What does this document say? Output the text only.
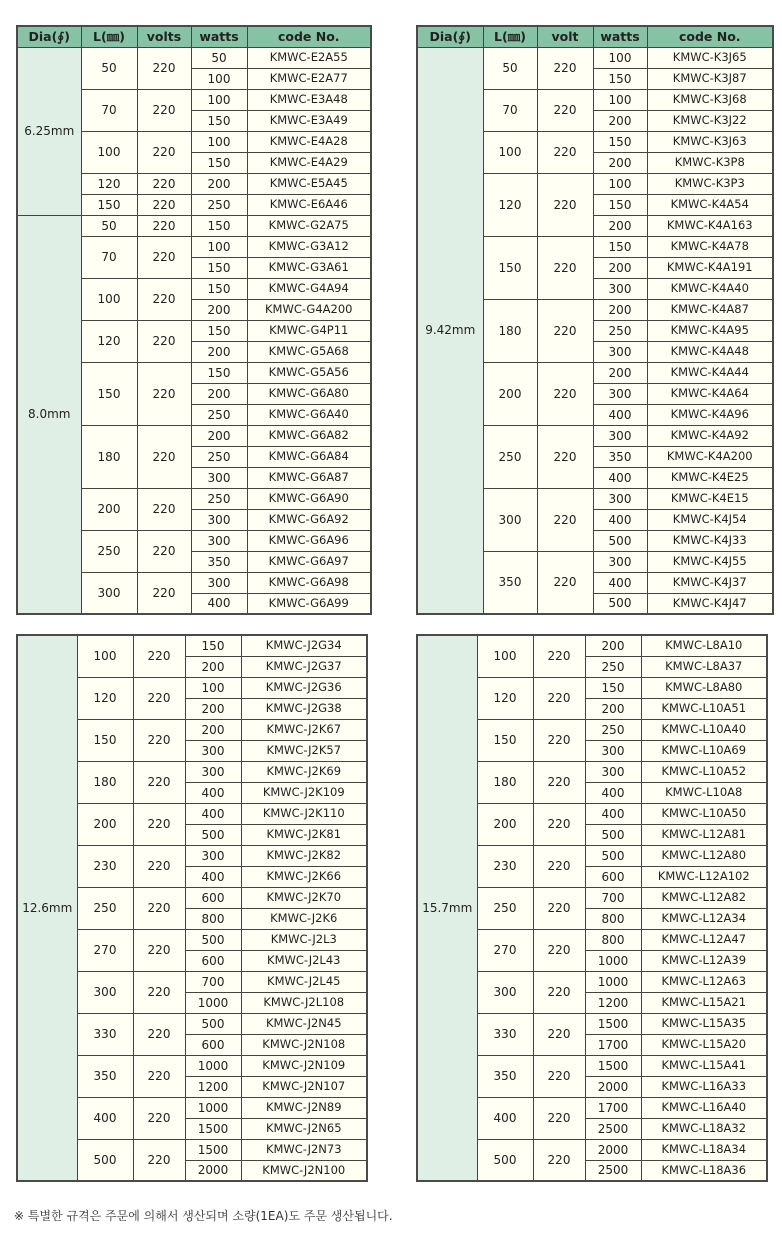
Dia(∮)	L(㎜)	volts	watts	code No.
6.25mm	50	220	50	KMWC-E2A55
			100	KMWC-E2A77
	70	220	100	KMWC-E3A48
			150	KMWC-E3A49
	100	220	100	KMWC-E4A28
			150	KMWC-E4A29
	120	220	200	KMWC-E5A45
	150	220	250	KMWC-E6A46
8.0mm	50	220	150	KMWC-G2A75
	70	220	100	KMWC-G3A12
			150	KMWC-G3A61
	100	220	150	KMWC-G4A94
			200	KMWC-G4A200
	120	220	150	KMWC-G4P11
			200	KMWC-G5A68
	150	220	150	KMWC-G5A56
			200	KMWC-G6A80
			250	KMWC-G6A40
	180	220	200	KMWC-G6A82
			250	KMWC-G6A84
			300	KMWC-G6A87
	200	220	250	KMWC-G6A90
			300	KMWC-G6A92
	250	220	300	KMWC-G6A96
			350	KMWC-G6A97
	300	220	300	KMWC-G6A98
			400	KMWC-G6A99
Dia(∮)	L(㎜)	volt	watts	code No.
9.42mm	50	220	100	KMWC-K3J65
			150	KMWC-K3J87
	70	220	100	KMWC-K3J68
			200	KMWC-K3J22
	100	220	150	KMWC-K3J63
			200	KMWC-K3P8
	120	220	100	KMWC-K3P3
			150	KMWC-K4A54
			200	KMWC-K4A163
	150	220	150	KMWC-K4A78
			200	KMWC-K4A191
			300	KMWC-K4A40
	180	220	200	KMWC-K4A87
			250	KMWC-K4A95
			300	KMWC-K4A48
	200	220	200	KMWC-K4A44
			300	KMWC-K4A64
			400	KMWC-K4A96
	250	220	300	KMWC-K4A92
			350	KMWC-K4A200
			400	KMWC-K4E25
	300	220	300	KMWC-K4E15
			400	KMWC-K4J54
			500	KMWC-K4J33
	350	220	300	KMWC-K4J55
			400	KMWC-K4J37
			500	KMWC-K4J47
12.6mm	100	220	150	KMWC-J2G34
			200	KMWC-J2G37
	120	220	100	KMWC-J2G36
			200	KMWC-J2G38
	150	220	200	KMWC-J2K67
			300	KMWC-J2K57
	180	220	300	KMWC-J2K69
			400	KMWC-J2K109
	200	220	400	KMWC-J2K110
			500	KMWC-J2K81
	230	220	300	KMWC-J2K82
			400	KMWC-J2K66
	250	220	600	KMWC-J2K70
			800	KMWC-J2K6
	270	220	500	KMWC-J2L3
			600	KMWC-J2L43
	300	220	700	KMWC-J2L45
			1000	KMWC-J2L108
	330	220	500	KMWC-J2N45
			600	KMWC-J2N108
	350	220	1000	KMWC-J2N109
			1200	KMWC-J2N107
	400	220	1000	KMWC-J2N89
			1500	KMWC-J2N65
	500	220	1500	KMWC-J2N73
			2000	KMWC-J2N100
15.7mm	100	220	200	KMWC-L8A10
			250	KMWC-L8A37
	120	220	150	KMWC-L8A80
			200	KMWC-L10A51
	150	220	250	KMWC-L10A40
			300	KMWC-L10A69
	180	220	300	KMWC-L10A52
			400	KMWC-L10A8
	200	220	400	KMWC-L10A50
			500	KMWC-L12A81
	230	220	500	KMWC-L12A80
			600	KMWC-L12A102
	250	220	700	KMWC-L12A82
			800	KMWC-L12A34
	270	220	800	KMWC-L12A47
			1000	KMWC-L12A39
	300	220	1000	KMWC-L12A63
			1200	KMWC-L15A21
	330	220	1500	KMWC-L15A35
			1700	KMWC-L15A20
	350	220	1500	KMWC-L15A41
			2000	KMWC-L16A33
	400	220	1700	KMWC-L16A40
			2500	KMWC-L18A32
	500	220	2000	KMWC-L18A34
			2500	KMWC-L18A36
※ 특별한 규격은 주문에 의해서 생산되며 소량(1EA)도 주문 생산됩니다.
